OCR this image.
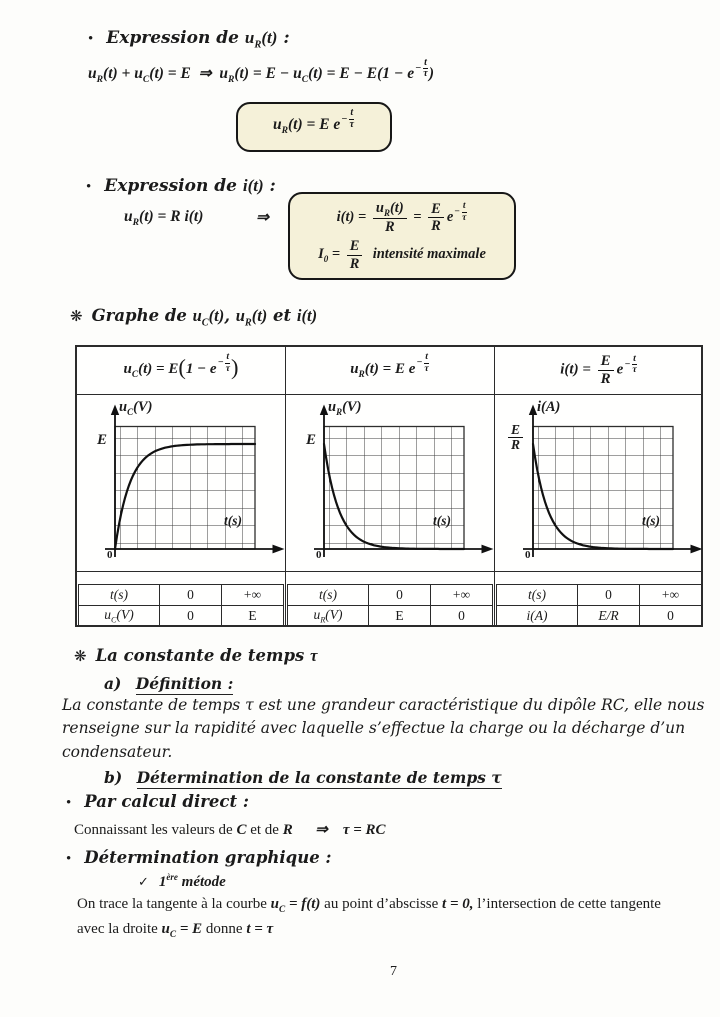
• Expression de $u_R(t)$ :
$u_R(t) + u_C(t) = E$  ⇒  $u_R(t) = E - u_C(t) = E - E(1 - e-$
t
τ )
$u_R(t) = E$ e−
t
τ
• Expression de i(t) :
$u_R(t) = R$ i(t)	⇒	$i(t) = \frac{u_R(t)}{R} = \frac{E}{R} e-$
t
τ
$I_0 = \frac{E}{R}$
  intensité maximale
❋ Graphe de $u_C(t)$, $u_R(t)$ et i(t)
$u_C(t) = E(1 - e-$
t
τ )	$u_R(t) = E$ e−
t
τ	$i(t) = \frac{E}{R} e-$
t
τ
$u_C(V)$
E
t(s)
0
$u_R(V)$
E
t(s)
0
i(A)
$\frac{E}{R}$
t(s)
0
t(s)	0	+∞
$u_C(V)$	0	E
t(s)	0	+∞
$u_R(V)$	E	0
t(s)	0	+∞
i(A)	E/R	0
❋ La constante de temps τ
a) Définition :
La constante de temps τ est une grandeur caractéristique du dipôle RC, elle nous renseigne sur la rapidité avec laquelle s’effectue la charge ou la décharge d’un condensateur.
b) Détermination de la constante de temps τ
• Par calcul direct :
Connaissant les valeurs de C et de R   ⇒   τ = RC
• Détermination graphique :
✓ 1ère métode
On trace la tangente à la courbe $u_C = f(t)$ au point d’abscisse t = 0, l’intersection de cette tangente
avec la droite $u_C = E$ donne t = τ
7
